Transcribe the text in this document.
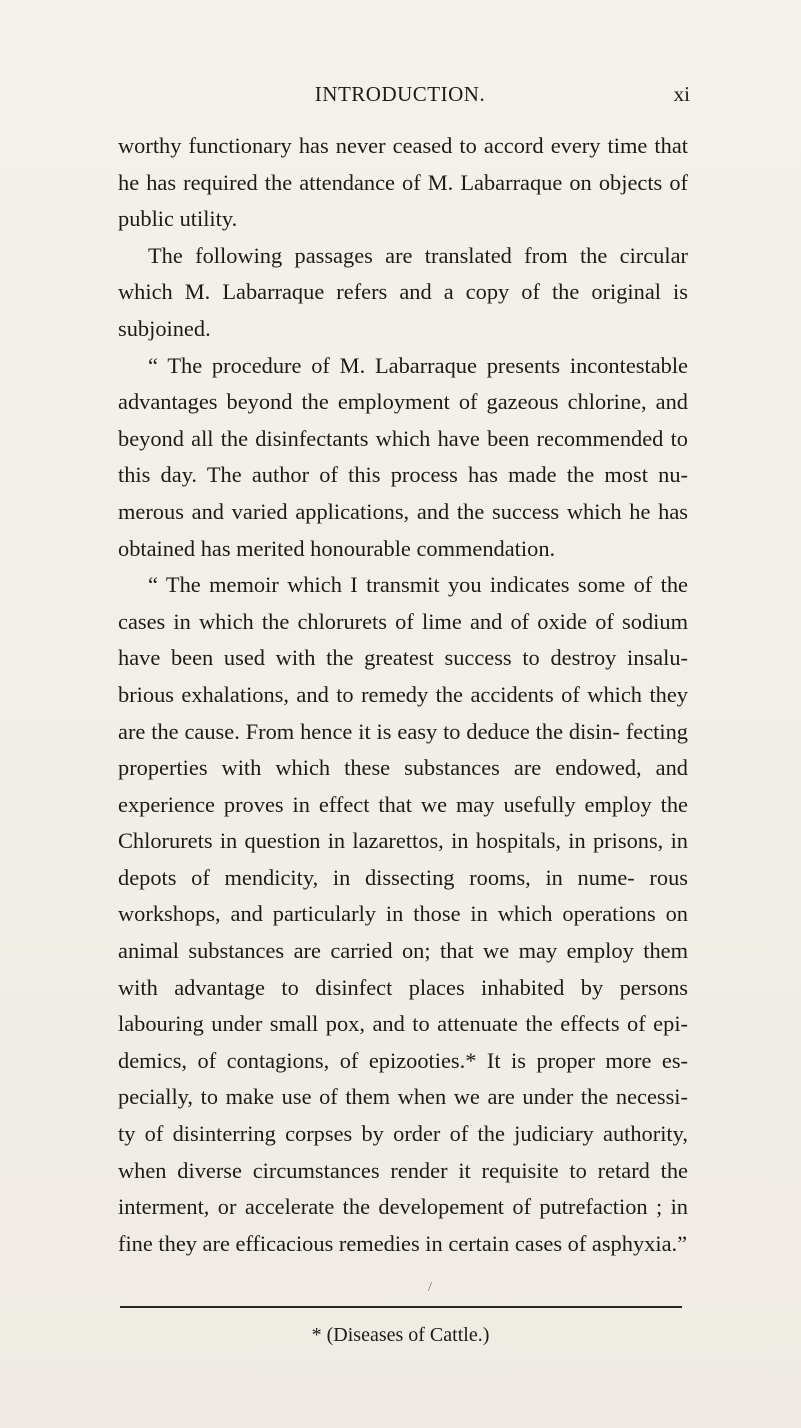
INTRODUCTION.	xi

worthy functionary has never ceased to accord every time that he has required the attendance of M. Labarraque on objects of public utility.

The following passages are translated from the circular which M. Labarraque refers and a copy of the original is subjoined.

“ The procedure of M. Labarraque presents incontestable advantages beyond the employment of gazeous chlorine, and beyond all the disinfectants which have been recommended to this day. The author of this process has made the most nu- merous and varied applications, and the success which he has obtained has merited honourable commendation.

“ The memoir which I transmit you indicates some of the cases in which the chlorurets of lime and of oxide of sodium have been used with the greatest success to destroy insalu- brious exhalations, and to remedy the accidents of which they are the cause. From hence it is easy to deduce the disin- fecting properties with which these substances are endowed, and experience proves in effect that we may usefully employ the Chlorurets in question in lazarettos, in hospitals, in prisons, in depots of mendicity, in dissecting rooms, in nume- rous workshops, and particularly in those in which operations on animal substances are carried on; that we may employ them with advantage to disinfect places inhabited by persons labouring under small pox, and to attenuate the effects of epi- demics, of contagions, of epizooties.* It is proper more es- pecially, to make use of them when we are under the necessi- ty of disinterring corpses by order of the judiciary authority, when diverse circumstances render it requisite to retard the interment, or accelerate the developement of putrefaction ; in fine they are efficacious remedies in certain cases of asphyxia.”

/
* (Diseases of Cattle.)
